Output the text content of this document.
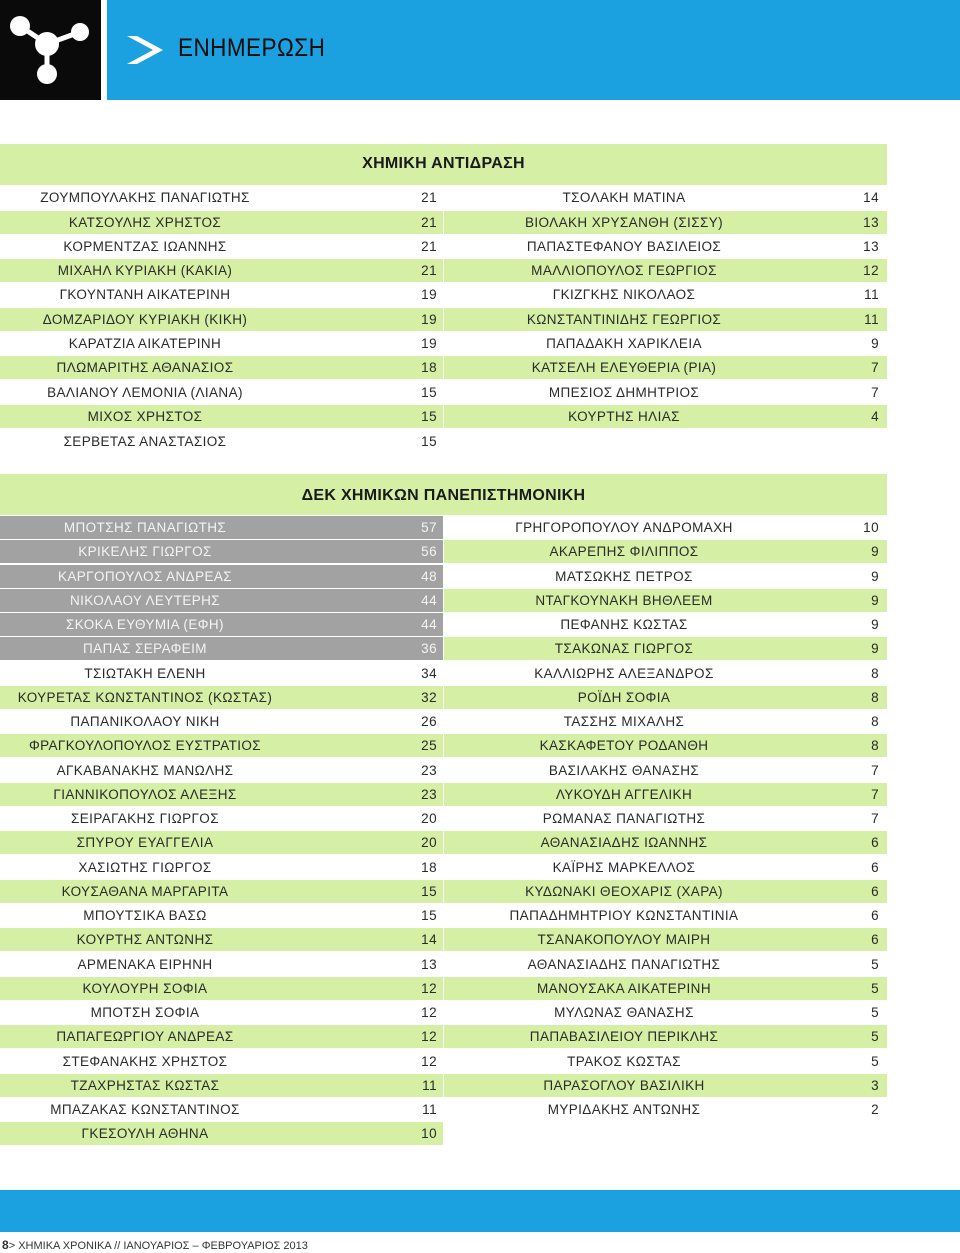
ΕΝΗΜΕΡΩΣΗ
ΧΗΜΙΚΗ ΑΝΤΙΔΡΑΣΗ
ΖΟΥΜΠΟΥΛΑΚΗΣ ΠΑΝΑΓΙΩΤΗΣ	21
ΚΑΤΣΟΥΛΗΣ ΧΡΗΣΤΟΣ	21
ΚΟΡΜΕΝΤΖΑΣ ΙΩΑΝΝΗΣ	21
ΜΙΧΑΗΛ ΚΥΡΙΑΚΗ (ΚΑΚΙΑ)	21
ΓΚΟΥΝΤΑΝΗ ΑΙΚΑΤΕΡΙΝΗ	19
ΔΟΜΖΑΡΙΔΟΥ ΚΥΡΙΑΚΗ (ΚΙΚΗ)	19
ΚΑΡΑΤΖΙΑ ΑΙΚΑΤΕΡΙΝΗ	19
ΠΛΩΜΑΡΙΤΗΣ ΑΘΑΝΑΣΙΟΣ	18
ΒΑΛΙΑΝΟΥ ΛΕΜΟΝΙΑ (ΛΙΑΝΑ)	15
ΜΙΧΟΣ ΧΡΗΣΤΟΣ	15
ΣΕΡΒΕΤΑΣ ΑΝΑΣΤΑΣΙΟΣ	15
ΤΣΟΛΑΚΗ ΜΑΤΙΝΑ	14
ΒΙΟΛΑΚΗ ΧΡΥΣΑΝΘΗ (ΣΙΣΣΥ)	13
ΠΑΠΑΣΤΕΦΑΝΟΥ ΒΑΣΙΛΕΙΟΣ	13
ΜΑΛΛΙΟΠΟΥΛΟΣ ΓΕΩΡΓΙΟΣ	12
ΓΚΙΖΓΚΗΣ ΝΙΚΟΛΑΟΣ	11
ΚΩΝΣΤΑΝΤΙΝΙΔΗΣ ΓΕΩΡΓΙΟΣ	11
ΠΑΠΑΔΑΚΗ ΧΑΡΙΚΛΕΙΑ	9
ΚΑΤΣΕΛΗ ΕΛΕΥΘΕΡΙΑ (ΡΙΑ)	7
ΜΠΕΣΙΟΣ ΔΗΜΗΤΡΙΟΣ	7
ΚΟΥΡΤΗΣ ΗΛΙΑΣ	4
ΔΕΚ ΧΗΜΙΚΩΝ ΠΑΝΕΠΙΣΤΗΜΟΝΙΚΗ
ΜΠΟΤΣΗΣ ΠΑΝΑΓΙΩΤΗΣ	57
ΚΡΙΚΕΛΗΣ ΓΙΩΡΓΟΣ	56
ΚΑΡΓΟΠΟΥΛΟΣ ΑΝΔΡΕΑΣ	48
ΝΙΚΟΛΑΟΥ ΛΕΥΤΕΡΗΣ	44
ΣΚΟΚΑ ΕΥΘΥΜΙΑ (ΕΦΗ)	44
ΠΑΠΑΣ ΣΕΡΑΦΕΙΜ	36
ΤΣΙΩΤΑΚΗ ΕΛΕΝΗ	34
ΚΟΥΡΕΤΑΣ ΚΩΝΣΤΑΝΤΙΝΟΣ (ΚΩΣΤΑΣ)	32
ΠΑΠΑΝΙΚΟΛΑΟΥ ΝΙΚΗ	26
ΦΡΑΓΚΟΥΛΟΠΟΥΛΟΣ ΕΥΣΤΡΑΤΙΟΣ	25
ΑΓΚΑΒΑΝΑΚΗΣ ΜΑΝΩΛΗΣ	23
ΓΙΑΝΝΙΚΟΠΟΥΛΟΣ ΑΛΕΞΗΣ	23
ΣΕΙΡΑΓΑΚΗΣ ΓΙΩΡΓΟΣ	20
ΣΠΥΡΟΥ ΕΥΑΓΓΕΛΙΑ	20
ΧΑΣΙΩΤΗΣ ΓΙΩΡΓΟΣ	18
ΚΟΥΣΑΘΑΝΑ ΜΑΡΓΑΡΙΤΑ	15
ΜΠΟΥΤΣΙΚΑ ΒΑΣΩ	15
ΚΟΥΡΤΗΣ ΑΝΤΩΝΗΣ	14
ΑΡΜΕΝΑΚΑ ΕΙΡΗΝΗ	13
ΚΟΥΛΟΥΡΗ ΣΟΦΙΑ	12
ΜΠΟΤΣΗ ΣΟΦΙΑ	12
ΠΑΠΑΓΕΩΡΓΙΟΥ ΑΝΔΡΕΑΣ	12
ΣΤΕΦΑΝΑΚΗΣ ΧΡΗΣΤΟΣ	12
ΤΖΑΧΡΗΣΤΑΣ ΚΩΣΤΑΣ	11
ΜΠΑΖΑΚΑΣ ΚΩΝΣΤΑΝΤΙΝΟΣ	11
ΓΚΕΣΟΥΛΗ ΑΘΗΝΑ	10
ΓΡΗΓΟΡΟΠΟΥΛΟΥ ΑΝΔΡΟΜΑΧΗ	10
ΑΚΑΡΕΠΗΣ ΦΙΛΙΠΠΟΣ	9
ΜΑΤΣΩΚΗΣ ΠΕΤΡΟΣ	9
ΝΤΑΓΚΟΥΝΑΚΗ ΒΗΘΛΕΕΜ	9
ΠΕΦΑΝΗΣ ΚΩΣΤΑΣ	9
ΤΣΑΚΩΝΑΣ ΓΙΩΡΓΟΣ	9
ΚΑΛΛΙΩΡΗΣ ΑΛΕΞΑΝΔΡΟΣ	8
ΡΟΪΔΗ ΣΟΦΙΑ	8
ΤΑΣΣΗΣ ΜΙΧΑΛΗΣ	8
ΚΑΣΚΑΦΕΤΟΥ ΡΟΔΑΝΘΗ	8
ΒΑΣΙΛΑΚΗΣ ΘΑΝΑΣΗΣ	7
ΛΥΚΟΥΔΗ ΑΓΓΕΛΙΚΗ	7
ΡΩΜΑΝΑΣ ΠΑΝΑΓΙΩΤΗΣ	7
ΑΘΑΝΑΣΙΑΔΗΣ ΙΩΑΝΝΗΣ	6
ΚΑΪΡΗΣ ΜΑΡΚΕΛΛΟΣ	6
ΚΥΔΩΝΑΚΙ ΘΕΟΧΑΡΙΣ (ΧΑΡΑ)	6
ΠΑΠΑΔΗΜΗΤΡΙΟΥ ΚΩΝΣΤΑΝΤΙΝΙΑ	6
ΤΣΑΝΑΚΟΠΟΥΛΟΥ ΜΑΙΡΗ	6
ΑΘΑΝΑΣΙΑΔΗΣ ΠΑΝΑΓΙΩΤΗΣ	5
ΜΑΝΟΥΣΑΚΑ ΑΙΚΑΤΕΡΙΝΗ	5
ΜΥΛΩΝΑΣ ΘΑΝΑΣΗΣ	5
ΠΑΠΑΒΑΣΙΛΕΙΟΥ ΠΕΡΙΚΛΗΣ	5
ΤΡΑΚΟΣ ΚΩΣΤΑΣ	5
ΠΑΡΑΣΟΓΛΟΥ ΒΑΣΙΛΙΚΗ	3
ΜΥΡΙΔΑΚΗΣ ΑΝΤΩΝΗΣ	2
8> ΧΗΜΙΚΑ ΧΡΟΝΙΚΑ // ΙΑΝΟΥΑΡΙΟΣ – ΦΕΒΡΟΥΑΡΙΟΣ 2013
